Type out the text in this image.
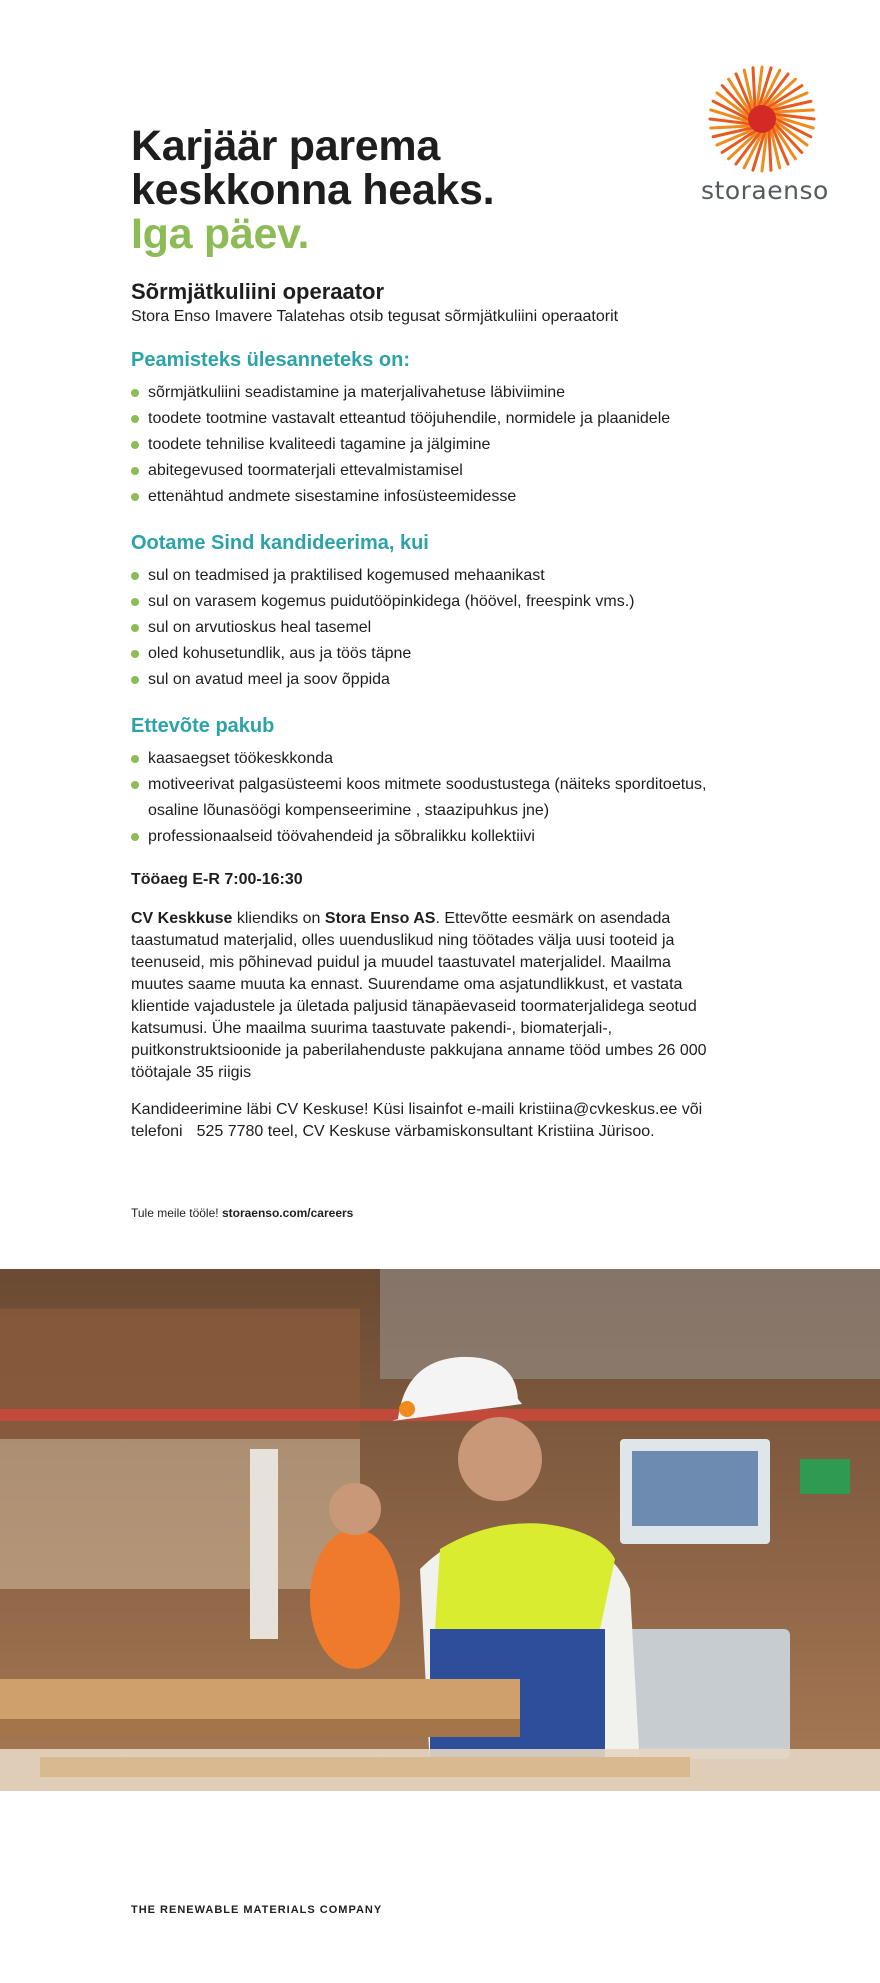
storaenso
Karjäär parema
keskkonna heaks.
Iga päev.

Sõrmjätkuliini operaator

Stora Enso Imavere Talatehas otsib tegusat sõrmjätkuliini operaatorit

Peamisteks ülesanneteks on:

sõrmjätkuliini seadistamine ja materjalivahetuse läbiviimine
toodete tootmine vastavalt etteantud tööjuhendile, normidele ja plaanidele
toodete tehnilise kvaliteedi tagamine ja jälgimine
abitegevused toormaterjali ettevalmistamisel
ettenähtud andmete sisestamine infosüsteemidesse

Ootame Sind kandideerima, kui

sul on teadmised ja praktilised kogemused mehaanikast
sul on varasem kogemus puidutööpinkidega (höövel, freespink vms.)
sul on arvutioskus heal tasemel
oled kohusetundlik, aus ja töös täpne
sul on avatud meel ja soov õppida

Ettevõte pakub

kaasaegset töökeskkonda
motiveerivat palgasüsteemi koos mitmete soodustustega (näiteks sporditoetus, osaline lõunasöögi kompenseerimine , staazipuhkus jne)
professionaalseid töövahendeid ja sõbralikku kollektiivi

Tööaeg E-R 7:00-16:30

CV Keskkuse kliendiks on Stora Enso AS. Ettevõtte eesmärk on asendada taastumatud materjalid, olles uuenduslikud ning töötades välja uusi tooteid ja teenuseid, mis põhinevad puidul ja muudel taastuvatel materjalidel. Maailma muutes saame muuta ka ennast. Suurendame oma asjatundlikkust, et vastata klientide vajadustele ja ületada paljusid tänapäevaseid toormaterjalidega seotud katsumusi. Ühe maailma suurima taastuvate pakendi-, biomaterjali-, puitkonstruktsioonide ja paberilahenduste pakkujana anname tööd umbes 26 000 töötajale 35 riigis

Kandideerimine läbi CV Keskuse! Küsi lisainfot e-maili kristiina@cvkeskus.ee või telefoni 525 7780 teel, CV Keskuse värbamiskonsultant Kristiina Jürisoo.

Tule meile tööle! storaenso.com/careers
THE RENEWABLE MATERIALS COMPANY
